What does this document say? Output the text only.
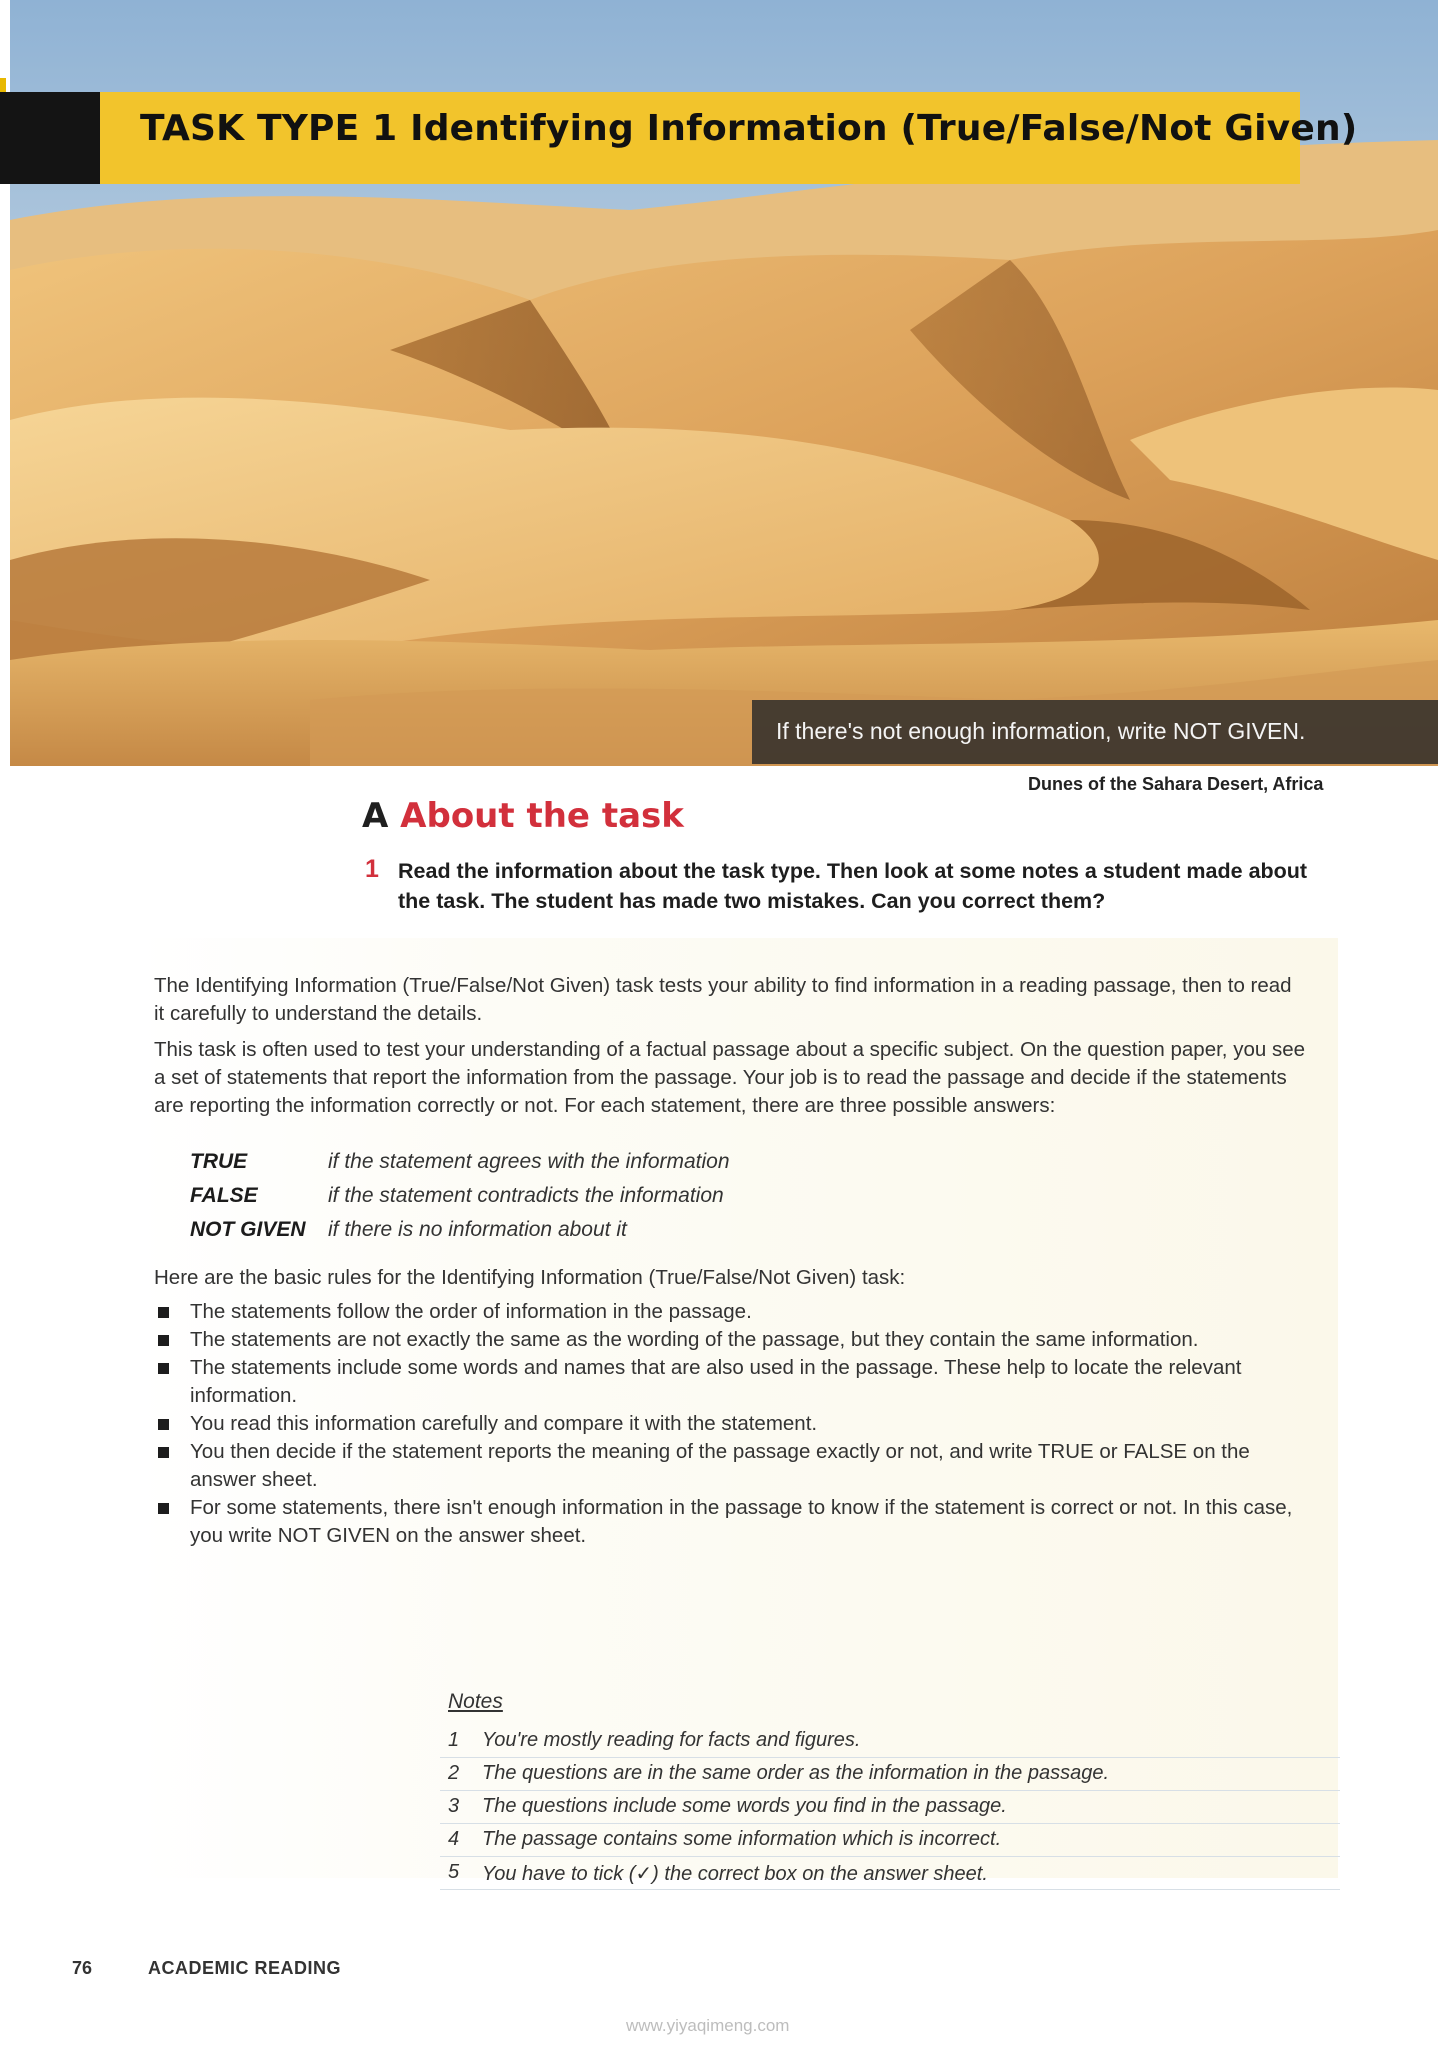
TASK TYPE 1 Identifying Information (True/False/Not Given)
If there's not enough information, write NOT GIVEN.
Dunes of the Sahara Desert, Africa
A About the task
1 Read the information about the task type. Then look at some notes a student made about the task. The student has made two mistakes. Can you correct them?
The Identifying Information (True/False/Not Given) task tests your ability to find information in a reading passage, then to read it carefully to understand the details.
This task is often used to test your understanding of a factual passage about a specific subject. On the question paper, you see a set of statements that report the information from the passage. Your job is to read the passage and decide if the statements are reporting the information correctly or not. For each statement, there are three possible answers:
TRUE	if the statement agrees with the information
FALSE	if the statement contradicts the information
NOT GIVEN if there is no information about it
Here are the basic rules for the Identifying Information (True/False/Not Given) task:
The statements follow the order of information in the passage.
The statements are not exactly the same as the wording of the passage, but they contain the same information.
The statements include some words and names that are also used in the passage. These help to locate the relevant information.
You read this information carefully and compare it with the statement.
You then decide if the statement reports the meaning of the passage exactly or not, and write TRUE or FALSE on the answer sheet.
For some statements, there isn't enough information in the passage to know if the statement is correct or not. In this case, you write NOT GIVEN on the answer sheet.
Notes
1 You're mostly reading for facts and figures.
2 The questions are in the same order as the information in the passage.
3 The questions include some words you find in the passage.
4 The passage contains some information which is incorrect.
5 You have to tick (✓) the correct box on the answer sheet.
76	ACADEMIC READING
www.yiyaqimeng.com
